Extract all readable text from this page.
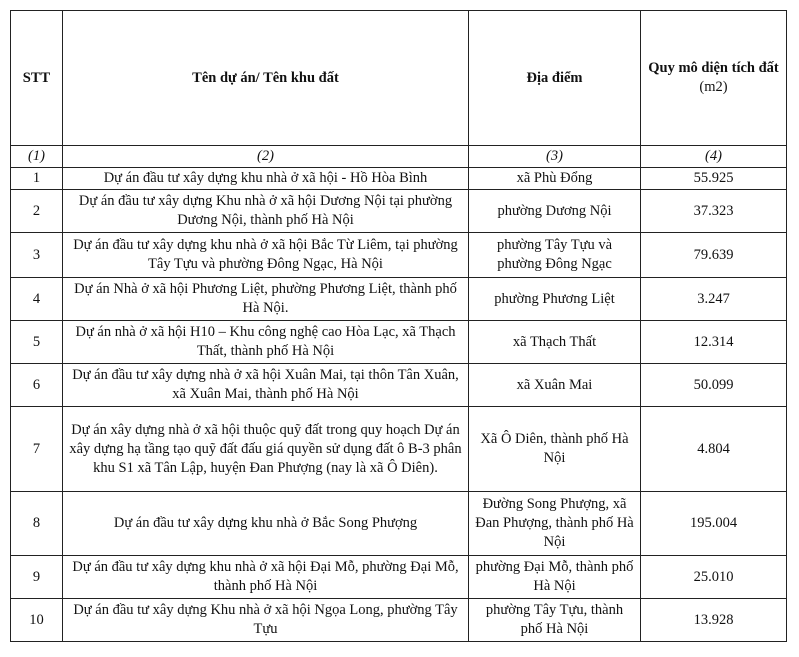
STT	Tên dự án/ Tên khu đất	Địa điểm	Quy mô diện tích đất
(m2)

(1)	(2)	(3)	(4)
1	Dự án đầu tư xây dựng khu nhà ở xã hội - Hồ Hòa Bình	xã Phù Đổng	55.925
2	Dự án đầu tư xây dựng Khu nhà ở xã hội Dương Nội tại phường Dương Nội, thành phố Hà Nội	phường Dương Nội	37.323
3	Dự án đầu tư xây dựng khu nhà ở xã hội Bắc Từ Liêm, tại phường Tây Tựu và phường Đông Ngạc, Hà Nội	phường Tây Tựu và phường Đông Ngạc	79.639
4	Dự án Nhà ở xã hội Phương Liệt, phường Phương Liệt, thành phố Hà Nội.	phường Phương Liệt	3.247
5	Dự án nhà ở xã hội H10 – Khu công nghệ cao Hòa Lạc, xã Thạch Thất, thành phố Hà Nội	xã Thạch Thất	12.314
6	Dự án đầu tư xây dựng nhà ở xã hội Xuân Mai, tại thôn Tân Xuân, xã Xuân Mai, thành phố Hà Nội	xã Xuân Mai	50.099
7	Dự án xây dựng nhà ở xã hội thuộc quỹ đất trong quy hoạch Dự án xây dựng hạ tầng tạo quỹ đất đấu giá quyền sử dụng đất ô B-3 phân khu S1 xã Tân Lập, huyện Đan Phượng (nay là xã Ô Diên).	Xã Ô Diên, thành phố Hà Nội	4.804
8	Dự án đầu tư xây dựng khu nhà ở Bắc Song Phượng	Đường Song Phượng, xã Đan Phượng, thành phố Hà Nội	195.004
9	Dự án đầu tư xây dựng khu nhà ở xã hội Đại Mỗ, phường Đại Mỗ, thành phố Hà Nội	phường Đại Mỗ, thành phố Hà Nội	25.010
10	Dự án đầu tư xây dựng Khu nhà ở xã hội Ngọa Long, phường Tây Tựu	phường Tây Tựu, thành phố Hà Nội	13.928
